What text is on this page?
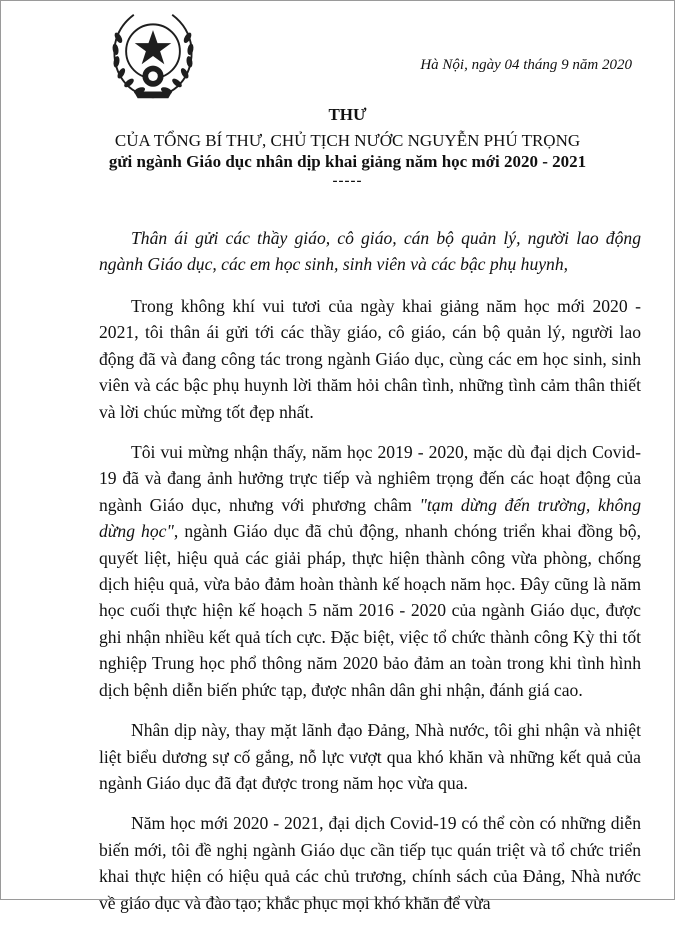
Hà Nội, ngày 04 tháng 9 năm 2020
THƯ
CỦA TỔNG BÍ THƯ, CHỦ TỊCH NƯỚC NGUYỄN PHÚ TRỌNG
gửi ngành Giáo dục nhân dịp khai giảng năm học mới 2020 - 2021
-----

Thân ái gửi các thầy giáo, cô giáo, cán bộ quản lý, người lao động ngành Giáo dục, các em học sinh, sinh viên và các bậc phụ huynh,

Trong không khí vui tươi của ngày khai giảng năm học mới 2020 - 2021, tôi thân ái gửi tới các thầy giáo, cô giáo, cán bộ quản lý, người lao động đã và đang công tác trong ngành Giáo dục, cùng các em học sinh, sinh viên và các bậc phụ huynh lời thăm hỏi chân tình, những tình cảm thân thiết và lời chúc mừng tốt đẹp nhất.

Tôi vui mừng nhận thấy, năm học 2019 - 2020, mặc dù đại dịch Covid-19 đã và đang ảnh hưởng trực tiếp và nghiêm trọng đến các hoạt động của ngành Giáo dục, nhưng với phương châm "tạm dừng đến trường, không dừng học", ngành Giáo dục đã chủ động, nhanh chóng triển khai đồng bộ, quyết liệt, hiệu quả các giải pháp, thực hiện thành công vừa phòng, chống dịch hiệu quả, vừa bảo đảm hoàn thành kế hoạch năm học. Đây cũng là năm học cuối thực hiện kế hoạch 5 năm 2016 - 2020 của ngành Giáo dục, được ghi nhận nhiều kết quả tích cực. Đặc biệt, việc tổ chức thành công Kỳ thi tốt nghiệp Trung học phổ thông năm 2020 bảo đảm an toàn trong khi tình hình dịch bệnh diễn biến phức tạp, được nhân dân ghi nhận, đánh giá cao.

Nhân dịp này, thay mặt lãnh đạo Đảng, Nhà nước, tôi ghi nhận và nhiệt liệt biểu dương sự cố gắng, nỗ lực vượt qua khó khăn và những kết quả của ngành Giáo dục đã đạt được trong năm học vừa qua.

Năm học mới 2020 - 2021, đại dịch Covid-19 có thể còn có những diễn biến mới, tôi đề nghị ngành Giáo dục cần tiếp tục quán triệt và tổ chức triển khai thực hiện có hiệu quả các chủ trương, chính sách của Đảng, Nhà nước về giáo dục và đào tạo; khắc phục mọi khó khăn để vừa
